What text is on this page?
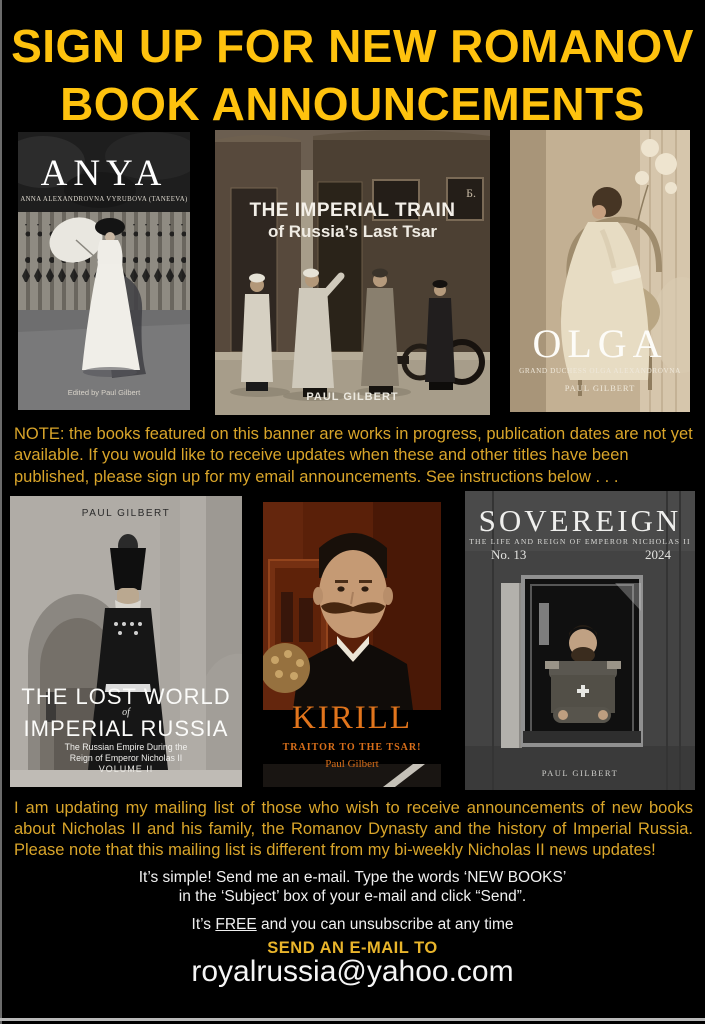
SIGN UP FOR NEW ROMANOV
BOOK ANNOUNCEMENTS
ANYA
ANNA ALEXANDROVNA VYRUBOVA (TANEEVA)
Edited by Paul Gilbert
THE IMPERIAL TRAIN
of Russia’s Last Tsar
Б.
PAUL GILBERT
OLGA
GRAND DUCHESS OLGA ALEXANDROVNA
PAUL GILBERT
NOTE: the books featured on this banner are works in progress, publication dates are not yet available. If you would like to receive updates when these and other titles have been published, please sign up for my email announcements. See instructions below . . .
PAUL GILBERT
THE LOST WORLD
of
IMPERIAL RUSSIA
The Russian Empire During the
Reign of Emperor Nicholas II
VOLUME II
KIRILL
TRAITOR TO THE TSAR!
Paul Gilbert
SOVEREIGN
THE LIFE AND REIGN OF EMPEROR NICHOLAS II
No. 13	2024
PAUL GILBERT
I am updating my mailing list of those who wish to receive announcements of new books about Nicholas II and his family, the Romanov Dynasty and the history of Imperial Russia. Please note that this mailing list is different from my bi-weekly Nicholas II news updates!
It’s simple! Send me an e-mail. Type the words ‘NEW BOOKS’
in the ‘Subject’ box of your e-mail and click “Send”.
It’s FREE and you can unsubscribe at any time
SEND AN E-MAIL TO
royalrussia@yahoo.com
